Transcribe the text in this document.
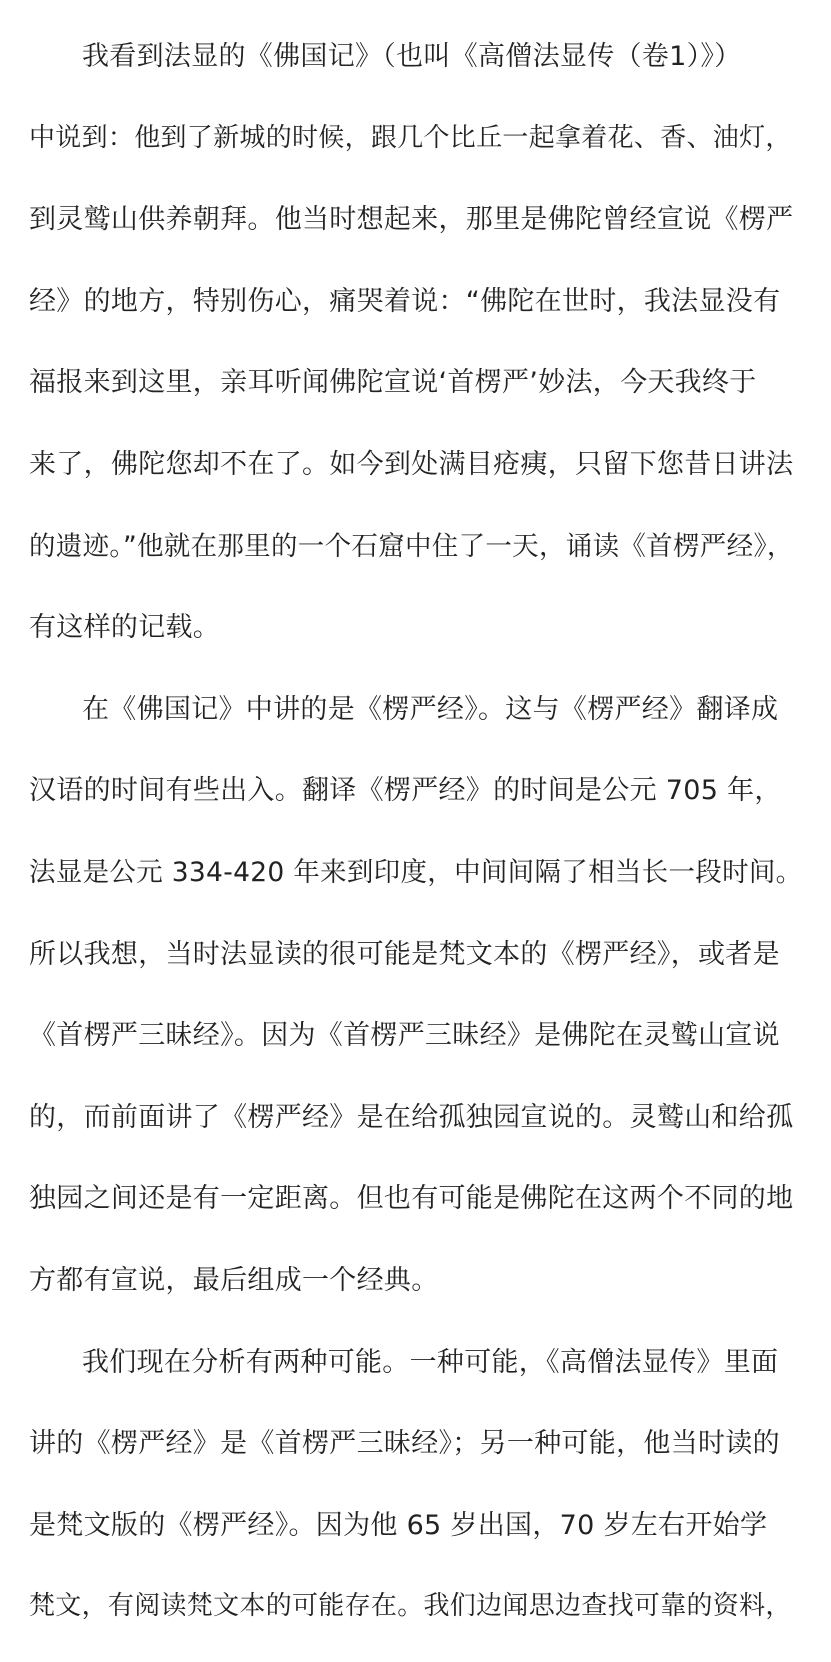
我看到法显的《佛国记》（也叫《高僧法显传（卷1）》）
中说到：他到了新城的时候，跟几个比丘一起拿着花、香、油灯，
到灵鹫山供养朝拜。他当时想起来，那里是佛陀曾经宣说《楞严
经》的地方，特别伤心，痛哭着说：“佛陀在世时，我法显没有
福报来到这里，亲耳听闻佛陀宣说‘首楞严’妙法，今天我终于
来了，佛陀您却不在了。如今到处满目疮痍，只留下您昔日讲法
的遗迹。”他就在那里的一个石窟中住了一天，诵读《首楞严经》，
有这样的记载。
在《佛国记》中讲的是《楞严经》。这与《楞严经》翻译成
汉语的时间有些出入。翻译《楞严经》的时间是公元 705 年，
法显是公元 334-420 年来到印度，中间间隔了相当长一段时间。
所以我想，当时法显读的很可能是梵文本的《楞严经》，或者是
《首楞严三昧经》。因为《首楞严三昧经》是佛陀在灵鹫山宣说
的，而前面讲了《楞严经》是在给孤独园宣说的。灵鹫山和给孤
独园之间还是有一定距离。但也有可能是佛陀在这两个不同的地
方都有宣说，最后组成一个经典。
我们现在分析有两种可能。一种可能，《高僧法显传》里面
讲的《楞严经》是《首楞严三昧经》；另一种可能，他当时读的
是梵文版的《楞严经》。因为他 65 岁出国，70 岁左右开始学
梵文，有阅读梵文本的可能存在。我们边闻思边查找可靠的资料，
